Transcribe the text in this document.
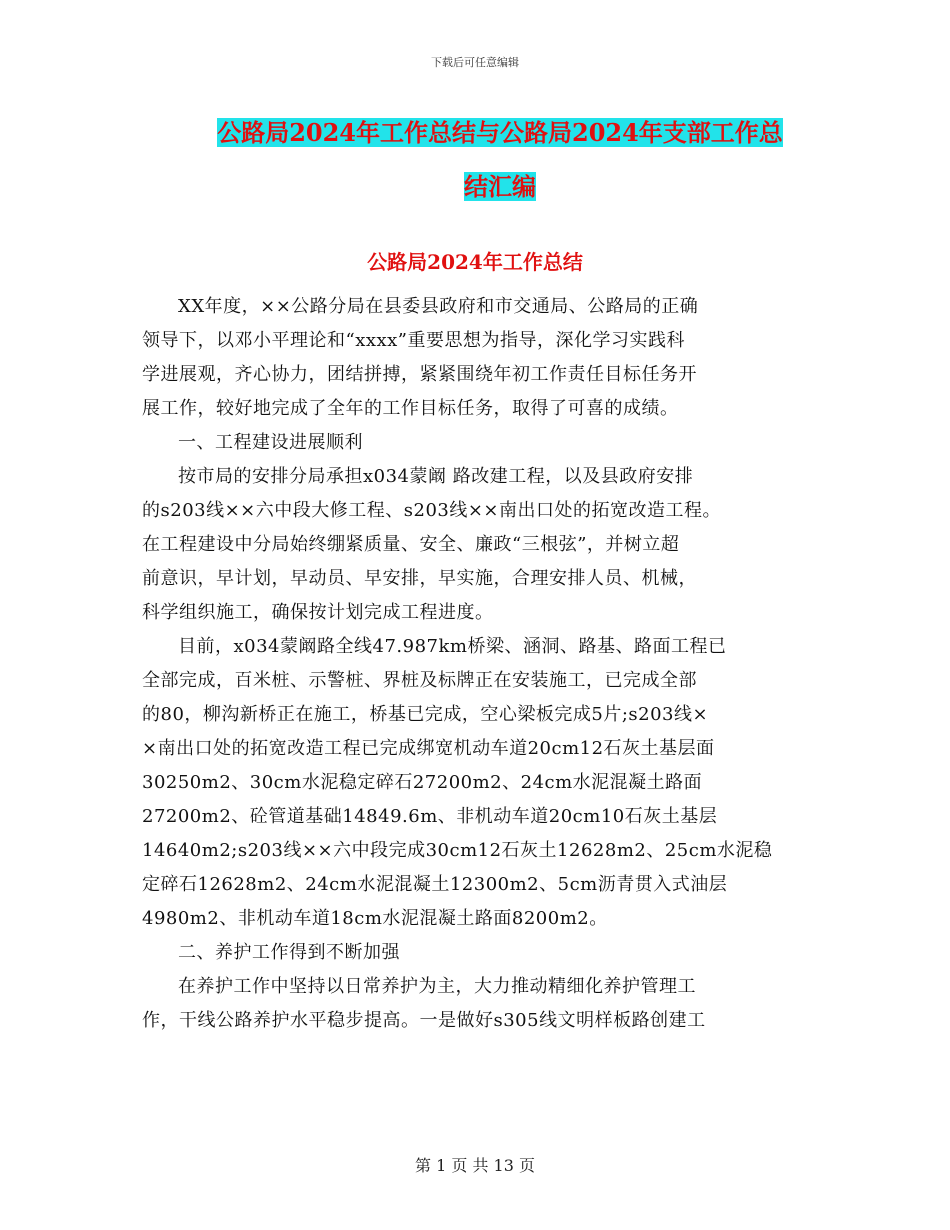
下载后可任意编辑
公路局2024年工作总结与公路局2024年支部工作总
结汇编
公路局2024年工作总结

XX年度，××公路分局在县委县政府和市交通局、公路局的正确
领导下，以邓小平理论和“xxxx”重要思想为指导，深化学习实践科
学进展观，齐心协力，团结拼搏，紧紧围绕年初工作责任目标任务开
展工作，较好地完成了全年的工作目标任务，取得了可喜的成绩。

一、工程建设进展顺利

按市局的安排分局承担x034蒙阚 路改建工程，以及县政府安排
的s203线××六中段大修工程、s203线××南出口处的拓宽改造工程。
在工程建设中分局始终绷紧质量、安全、廉政“三根弦”，并树立超
前意识，早计划，早动员、早安排，早实施，合理安排人员、机械，
科学组织施工，确保按计划完成工程进度。

目前，x034蒙阚路全线47.987km桥梁、涵洞、路基、路面工程已
全部完成，百米桩、示警桩、界桩及标牌正在安装施工，已完成全部
的80，柳沟新桥正在施工，桥基已完成，空心梁板完成5片;s203线×
×南出口处的拓宽改造工程已完成绑宽机动车道20cm12石灰土基层面
30250m2、30cm水泥稳定碎石27200m2、24cm水泥混凝土路面
27200m2、砼管道基础14849.6m、非机动车道20cm10石灰土基层
14640m2;s203线××六中段完成30cm12石灰土12628m2、25cm水泥稳
定碎石12628m2、24cm水泥混凝土12300m2、5cm沥青贯入式油层
4980m2、非机动车道18cm水泥混凝土路面8200m2。

二、养护工作得到不断加强

在养护工作中坚持以日常养护为主，大力推动精细化养护管理工
作，干线公路养护水平稳步提高。一是做好s305线文明样板路创建工

第 1 页 共 13 页
